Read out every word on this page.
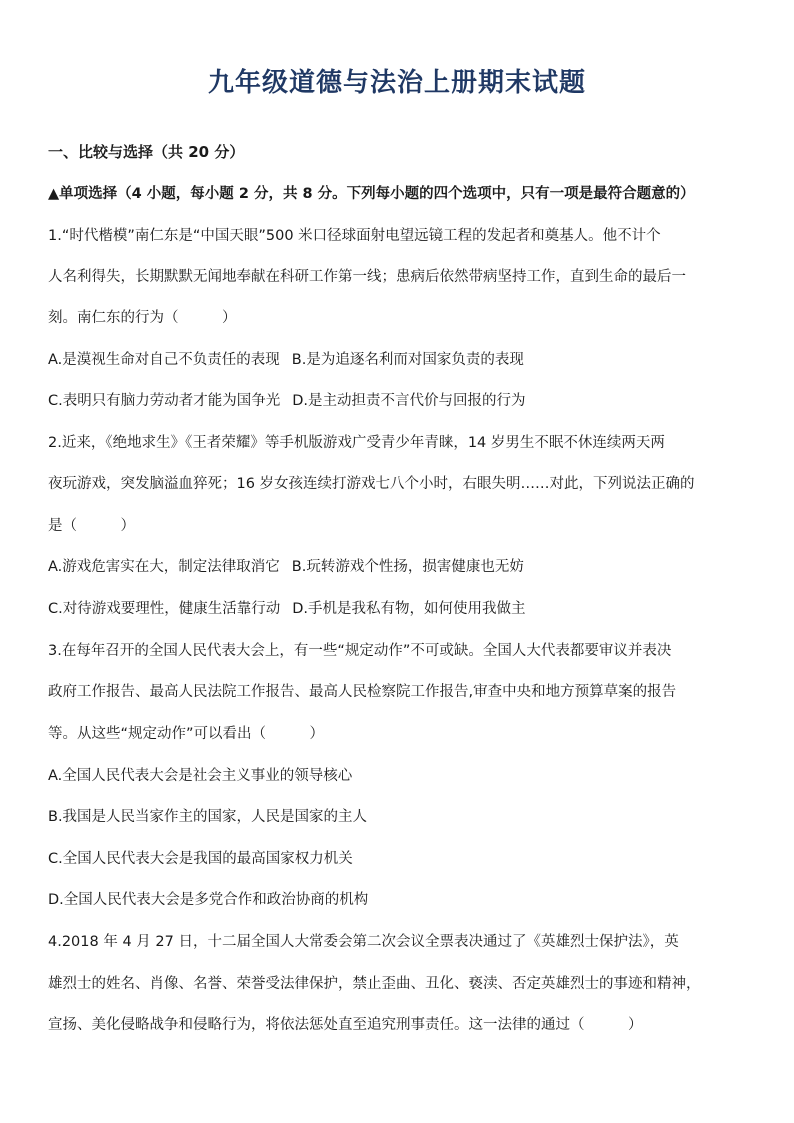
九年级道德与法治上册期末试题
一、比较与选择（共 20 分）
▲单项选择（4 小题，每小题 2 分，共 8 分。下列每小题的四个选项中，只有一项是最符合题意的）
1.“时代楷模”南仁东是“中国天眼”500 米口径球面射电望远镜工程的发起者和奠基人。他不计个
人名利得失，长期默默无闻地奉献在科研工作第一线；患病后依然带病坚持工作，直到生命的最后一
刻。南仁东的行为（　　　）
A.是漠视生命对自己不负责任的表现 B.是为追逐名利而对国家负责的表现
C.表明只有脑力劳动者才能为国争光 D.是主动担责不言代价与回报的行为
2.近来，《绝地求生》《王者荣耀》等手机版游戏广受青少年青睐，14 岁男生不眠不休连续两天两
夜玩游戏，突发脑溢血猝死；16 岁女孩连续打游戏七八个小时，右眼失明……对此，下列说法正确的
是（　　　）
A.游戏危害实在大，制定法律取消它 B.玩转游戏个性扬，损害健康也无妨
C.对待游戏要理性，健康生活靠行动 D.手机是我私有物，如何使用我做主
3.在每年召开的全国人民代表大会上，有一些“规定动作”不可或缺。全国人大代表都要审议并表决
政府工作报告、最高人民法院工作报告、最高人民检察院工作报告,审查中央和地方预算草案的报告
等。从这些“规定动作”可以看出（　　　）
A.全国人民代表大会是社会主义事业的领导核心
B.我国是人民当家作主的国家，人民是国家的主人
C.全国人民代表大会是我国的最高国家权力机关
D.全国人民代表大会是多党合作和政治协商的机构
4.2018 年 4 月 27 日，十二届全国人大常委会第二次会议全票表决通过了《英雄烈士保护法》，英
雄烈士的姓名、肖像、名誉、荣誉受法律保护，禁止歪曲、丑化、亵渎、否定英雄烈士的事迹和精神，
宣扬、美化侵略战争和侵略行为，将依法惩处直至追究刑事责任。这一法律的通过（　　　）
